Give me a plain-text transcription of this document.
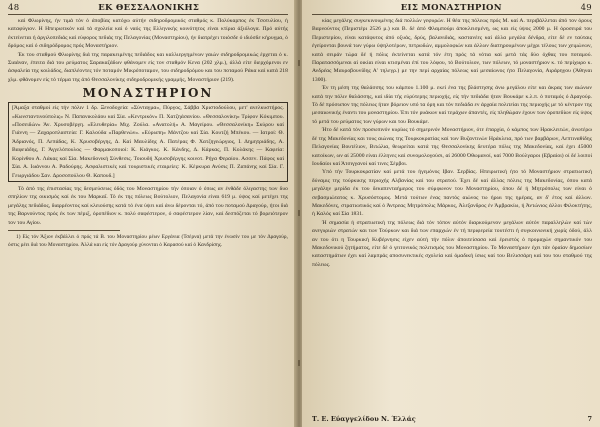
48	ΕΚ ΘΕΣΣΑΛΟΝΙΚΗΣ

καί Φλωρίνης, ήν τιμά τόν ό άποβίας κατόχω αύτήν σιδηροδρομικός σταθμός κ. Πολύκαρπος έκ Τσοτυλίου, ή καταφύγιον. Η Ηπειρωτικόν καί τά σχολεία καί ό ναός της Ελληνικής κοινότητος είναι κτίρια άξιόλογα. Πρό αύτής έκτείνεται ή άργιλοπεδιάς καί εύφορος πεδιάς της Πελαγονίας (Μοναστηρίου), ήν διατρέχει τοιόσδε ό ιδιόσδε κήρυγμα, ό δρόμος καί ό σιδηρόδρομος πρός Μοναστήριον.

Έκ του σταθμού Φλωρίνης διά της παρακειμένης πεδιάδος και καλλιεργημένων γαιών σιδηροδρομικώς έρχεται ό κ. Σιαάναν, έπειτα διά του ρεύματος Σαρακαζάδων φθάνομεν είς τον σταθμόν Κενα (202 χλμ.), άλλά είτε διερχόμενοι εν άσφαλεία της κοιλάδος, διαπλέοντες τόν ποταμόν Μικρόποταμον, του σιδηροδρόμου και του ποταμού Ράκα καί κατά 218 χλμ. φθάνομεν είς τό τέρμα της άπό Θεσσαλονίκης σιδηροδρομικής γραμμής, Μοναστήριον (219).

ΜΟΝΑΣΤΗΡΙΟΝ

[Άμαξα σταθμοί είς τήν πόλιν 1 δρ. Ξενοδοχεία: «Σύνταγμα», Πύργος, Σάββα Χριστοδούλου, μετ' ανελκυστήρος. «Κωνσταντινούπολις» Ν. Παπανικολάου καί Σία. «Κεντρικόν» Π. Χατζηάσανίου. «Θεσσαλονίκη» Τρίφον Κόκιμπου. «Ποσειδών» Άν. Χρυσοβέργη. «Ελευθερία» Μιχ. Ζούλα. «Ανατολή» Α. Μαγείρου. «Θεσσαλονίκη» Σκύρου καί Γιάννη — Ζαχαροπλαστεία: Γ. Καλούδα «Παρθενών». «Εύρωπη» Μάντζου καί Σία. Κουτζή Μπέκου. — Ιατροί: Θ. Άδριανός, Π. Λεπάδας, Κ. Χρυσοβέργης, Δ. Καί Μαυλίδης Α. Πατέρας Φ. Χατζηγεώργιος, Ι. Δημητριάδης, Α. Βαφειάδης, Γ. Άγγελόπουλος — Φαρμακοποιοί: Κ. Κιάγκος. Κ. Κάνδης, Δ. Κάρκας, Π. Κολάκης — Καφεία: Κορίνθου Α. Λάκας καί Σία. Μακεδονική Σύνθεσις. Τοιουδή Χρυσοβέργης κοινοτ. Ρήγα Φεραίου. Ασσεν. Πάφος καί Σία. Α. Ιωάννου Α. Ραδούρης. Ασφαλιστικές καί τουριστικές εταιρείες: Κ. Κέρκυρα Ανύσις Π. Ζαπάνης καί Σία. Γ. Γεωργιάδου Σαν. Δροσοπούλου Θ. Καπουδ.]

Τό άπό της έπιστασίας της δεσμεύσεως όδός του Μοναστηρίου τήν όποιαν ό όπως αν ένθάδε όλιγαστης των δυο σπηλίων της οικισμός καί έκ του Μαρκαΐ. Τό έκ της πόλεως Βούτολιον, Πελαγονία είναι 619 μ. ύψος καί μετέχει της μεγάλης πεδιάδος, διαρρέοντος καί κλειούσης κατά τό ένα ύψει καί άνω δέρονται τό, άπό του ποταμού Δραγούρ, ήτοι διά της Βαρνούντος πρός έκ των πέριξ, όροπέδιον κ. πολύ σαφέστερον, ό σαφέστερον λίαν, καί δεσπόζεται τό βορειότερον τον του Αγίου.

1) Είς τόν Άξιον έκβάλλει ό πρός τά Β. του Μοναστηρίου ρέων Εργάνια (Τσέρνα) μετά την ένωσίν του με τόν Δραγούρ, όστις ρέει διά του Μοναστηρίου. Άλλά και είς τόν Δραγούρ χύνονται ό Καρασού καί ό Κανδρίσης.

ΕΙΣ ΜΟΝΑΣΤΗΡΙΟΝ	49

κίας μεγάλης συγκεκινουμένης διά πολλών γεφυρών. Η θέα της πόλεως πρός Μ. καί Α. περιβάλλεται άπό τον όρους Βαρνούντος (Περιστέρι 2526 μ.) και Β. δέ άπό Φλαμπούρι άποκλεισμένη, ως και είς ύψος 2000 μ. Η όροσειρά του Περιστερίου, είναι κατάφυτος άπό οξυάς, δρύς, βαλανιδιάς, καστανέες καί άλλα μεγάλα δένδρα, είτε δέ εν ταύταις έγείρονται βουνά των γύρω ύψηλοτέρων, πετρωδών, αμμολοφιών και άλλων διατηρουμένων μέχρι τέλους των χειμώνων, κατά σειράν τώρα δέ ή πόλις έκτείνεται κατά τόν έτη πρός τά νότια καί μετά τάς δύο όχθας του ποταμού. Παρατασσόμεναι αί οικίαι είναι κτισμέναι έπί του λόφου, τό Βούτολιον, των πόλεων, τό μοναστήριον κ. τό περίχωρο κ. Ανδρέας Μαυροβουνίδης Α' τηλεγρ.) με την περί αρχαίας πόλεως καί μεσαίωνος ήτο Πελαγονία, Αιράρηγου (Άθηναι 1300).

Έν τη μέση της θαλάσσης του κάμπου 1.100 μ. εκεί ένα της βλάστησης άνω μεγάλου είτε και άκρας των αιώνων κατά την πόλιν θαλάσσης, καί ιδία τής εύρύτερης περιοχής, είς τήν πεδιάδα ήταν Βουκάρε κ.λ.π. ό ποταμός ό Δραγούρ. Τό δέ πρόσωπον της πόλεως ήταν βόρειον υπό τα όρη και τόν πεδιάδα εν άρχαία πολιτείαι της περιοχής με τό κέντρον της μεσαιωνικής έναντι του μοναστηρίου. Έπι τόν ρυάκων καί τεμάχων άπαντές, είς πληθώραν έχουν των όροπεδίων είς ύψος τό μετά του ρεύματος των γύρων και του Βουκάρε.

Ήτο δέ κατά τόν προσωπινόν κυρίως τό σημερινόν Μοναστήριον, ότε έπαρχία, ό κάμπος των Ηρακλειτών, άνωτέρω δέ της Μακεδονίας και τους αιώνας της Τουρκοκρατίας καί των Βυζαντινών Ηράκλεια, πρό των βαρβάρων, Λεπτιναθίδης Πελαγονίας Βουτέλιον, Βιτώλια, θεωρείται κατά της Θεσσαλονίκης δευτέρα πόλις της Μακεδονίας, καί έχει 45000 κατοίκων, ων αί 25000 είναι έλληνες καί συνομολογούσι, αί 26000 Όθωμανοί, καί 7000 Βούλγαροι (Εβραίοι) οί δέ λοιποί Ιουδαίοι καί Άτσιγγανοί καί τινες Σέρβοι.

Υπό τήν Τουρκοκρατίαν καί μετά του ήγεμόνος Ιβαν. Σερβίας. Ηπειρωτική ήτο τό Μοναστήριον στρατιωτική δύναμις της τούρκικης περιοχής Αλβανίας καί του στρατού. Έχει δέ καί άλλας πόλεις της Μακεδονίας, όπου κατά μεγάλην μερίδα έκ του δεκαπενταήμερος του σύμφωνον του Μοναστηρίου, όπου δέ ή Μητρόπολις των είναι ό σεβασμιώτατος κ. Χρυσόστομος. Μετά τούτων ένας παντός αιώνος τω ήρωι της ημέρας, αν δ' έτος καί άλλων. Μακεδόνες, στρατιωτικός καί ό Άντρεας Μητρόπολις Μάρκος, Άλεξανδρος έν Άμβρακίω, ή Άντώνιος άλλοι Φιλοκτήτης, ή Καλός καί Σία 1831.

Ή σημασία ή στρατιωτική της πόλεως διά τόν τόπον αύτόν διαρκούμενον μεγάλων αύτόν παραλληλών καί τών ανεγυριών στρατών και των Τούρκων και διά των επαρχιών έν τή περιφερεία τουτέστι ή συγκοινωνική χωρίς όδού, άλλ αν του ότι η Τουρκική Κυβέρνησις είχεν αύτή τήν πόλιν άποιτείσασα καί έρειστός ό προμαχών σημαντικόν του Μακεδονικού ζητήματος, είτε δέ ό γειτονικός πολιτισμός του Μοναστηρίου. Το Μοναστήριον έχει τάν όραίαν δημοσίων καταστημάτων έχει καί λαμπράς αποσυνεκτικές σχολεία καί όμαδική ίσως καί του Βελισσάρη καί του του σταθμού της πόλεως.

Τ. Ε. Εύαγγελίδου Ν. Έλλάς	7
